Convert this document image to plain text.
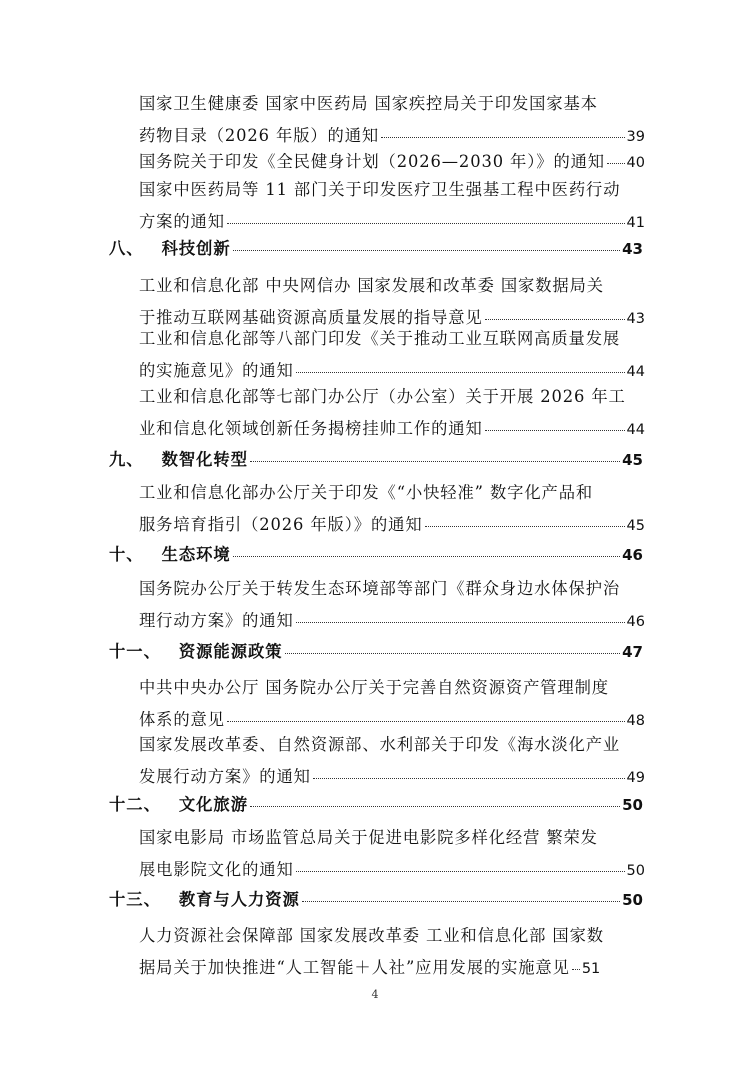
国家卫生健康委 国家中医药局 国家疾控局关于印发国家基本
药物目录（2026 年版）的通知	39
国务院关于印发《全民健身计划（2026—2030 年）》的通知 40
国家中医药局等 11 部门关于印发医疗卫生强基工程中医药行动
方案的通知	41
八、 科技创新	43
工业和信息化部 中央网信办 国家发展和改革委 国家数据局关
于推动互联网基础资源高质量发展的指导意见	43
工业和信息化部等八部门印发《关于推动工业互联网高质量发展
的实施意见》的通知	44
工业和信息化部等七部门办公厅（办公室）关于开展 2026 年工
业和信息化领域创新任务揭榜挂帅工作的通知	44
九、 数智化转型	45
工业和信息化部办公厅关于印发《“小快轻准” 数字化产品和
服务培育指引（2026 年版）》的通知	45
十、 生态环境	46
国务院办公厅关于转发生态环境部等部门《群众身边水体保护治
理行动方案》的通知	46
十一、 资源能源政策	47
中共中央办公厅 国务院办公厅关于完善自然资源资产管理制度
体系的意见	48
国家发展改革委、自然资源部、水利部关于印发《海水淡化产业
发展行动方案》的通知	49
十二、 文化旅游	50
国家电影局 市场监管总局关于促进电影院多样化经营 繁荣发
展电影院文化的通知	50
十三、 教育与人力资源	50
人力资源社会保障部 国家发展改革委 工业和信息化部 国家数
据局关于加快推进“人工智能＋人社”应用发展的实施意见 51
4
